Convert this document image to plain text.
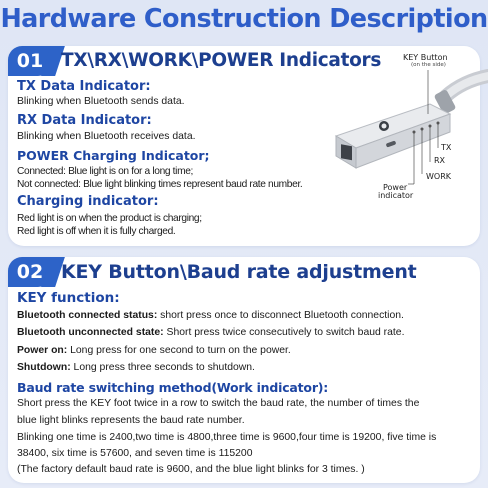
Hardware Construction Description
01 TX\RX\WORK\POWER Indicators
TX Data Indicator:
Blinking when Bluetooth sends data.
RX Data Indicator:
Blinking when Bluetooth receives data.
POWER Charging Indicator;
Connected: Blue light is on for a long time;
Not connected: Blue light blinking times represent baud rate number.
Charging indicator:
Red light is on when the product is charging;
Red light is off when it is fully charged.
KEY Button
(on the side)
TX
RX
WORK
Power
indicator
02 KEY Button\Baud rate adjustment
KEY function:
Bluetooth connected status: short press once to disconnect Bluetooth connection.
Bluetooth unconnected state: Short press twice consecutively to switch baud rate.
Power on: Long press for one second to turn on the power.
Shutdown: Long press three seconds to shutdown.
Baud rate switching method(Work indicator):
Short press the KEY foot twice in a row to switch the baud rate, the number of times the
blue light blinks represents the baud rate number.
Blinking one time is 2400,two time is 4800,three time is 9600,four time is 19200, five time is
38400, six time is 57600, and seven time is 115200
(The factory default baud rate is 9600, and the blue light blinks for 3 times. )
